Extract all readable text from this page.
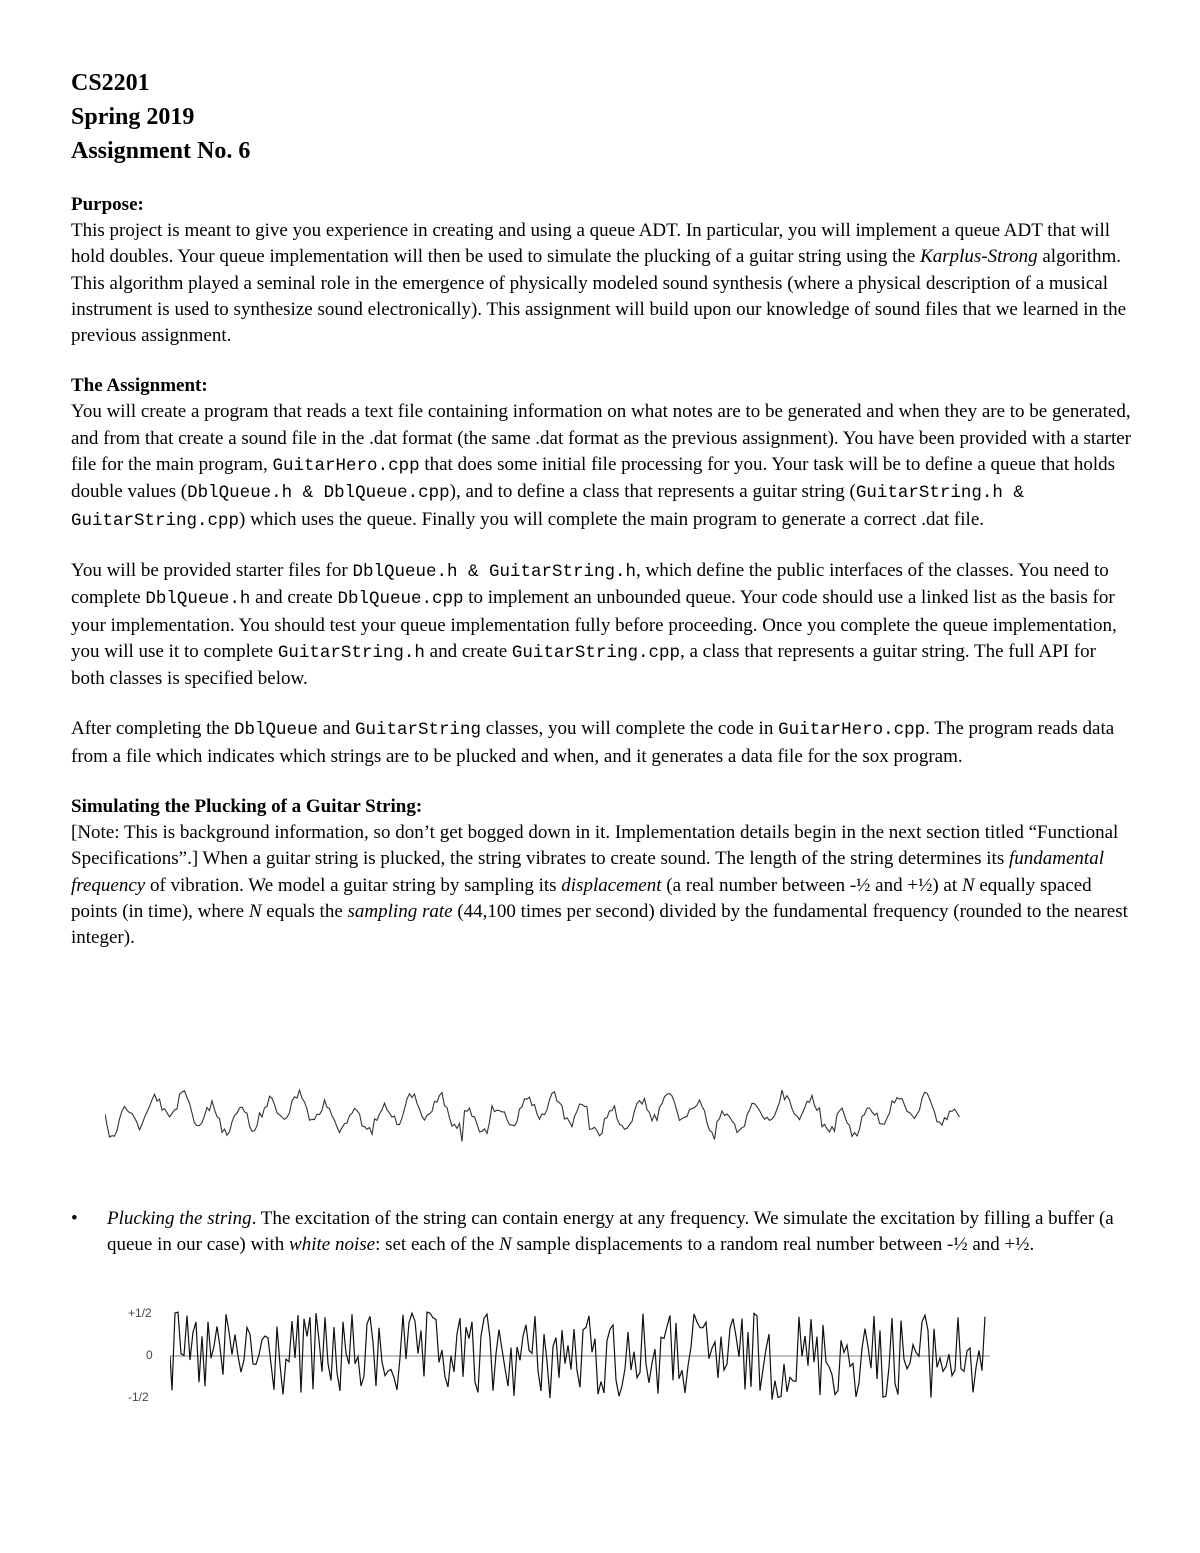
CS2201

Spring 2019

Assignment No. 6

Purpose:

This project is meant to give you experience in creating and using a queue ADT. In particular, you will implement a queue ADT that will hold doubles. Your queue implementation will then be used to simulate the plucking of a guitar string using the Karplus-Strong algorithm. This algorithm played a seminal role in the emergence of physically modeled sound synthesis (where a physical description of a musical instrument is used to synthesize sound electronically). This assignment will build upon our knowledge of sound files that we learned in the previous assignment.

The Assignment:

You will create a program that reads a text file containing information on what notes are to be generated and when they are to be generated, and from that create a sound file in the .dat format (the same .dat format as the previous assignment). You have been provided with a starter file for the main program, GuitarHero.cpp that does some initial file processing for you. Your task will be to define a queue that holds double values (DblQueue.h & DblQueue.cpp), and to define a class that represents a guitar string (GuitarString.h & GuitarString.cpp) which uses the queue. Finally you will complete the main program to generate a correct .dat file.

You will be provided starter files for DblQueue.h & GuitarString.h, which define the public interfaces of the classes. You need to complete DblQueue.h and create DblQueue.cpp to implement an unbounded queue. Your code should use a linked list as the basis for your implementation. You should test your queue implementation fully before proceeding. Once you complete the queue implementation, you will use it to complete GuitarString.h and create GuitarString.cpp, a class that represents a guitar string. The full API for both classes is specified below.

After completing the DblQueue and GuitarString classes, you will complete the code in GuitarHero.cpp. The program reads data from a file which indicates which strings are to be plucked and when, and it generates a data file for the sox program.

Simulating the Plucking of a Guitar String:

[Note: This is background information, so don’t get bogged down in it. Implementation details begin in the next section titled “Functional Specifications”.] When a guitar string is plucked, the string vibrates to create sound. The length of the string determines its fundamental frequency of vibration. We model a guitar string by sampling its displacement (a real number between -½ and +½) at N equally spaced points (in time), where N equals the sampling rate (44,100 times per second) divided by the fundamental frequency (rounded to the nearest integer).

•	Plucking the string. The excitation of the string can contain energy at any frequency. We simulate the excitation by filling a buffer (a queue in our case) with white noise: set each of the N sample displacements to a random real number between -½ and +½.
+1/2
0
-1/2
